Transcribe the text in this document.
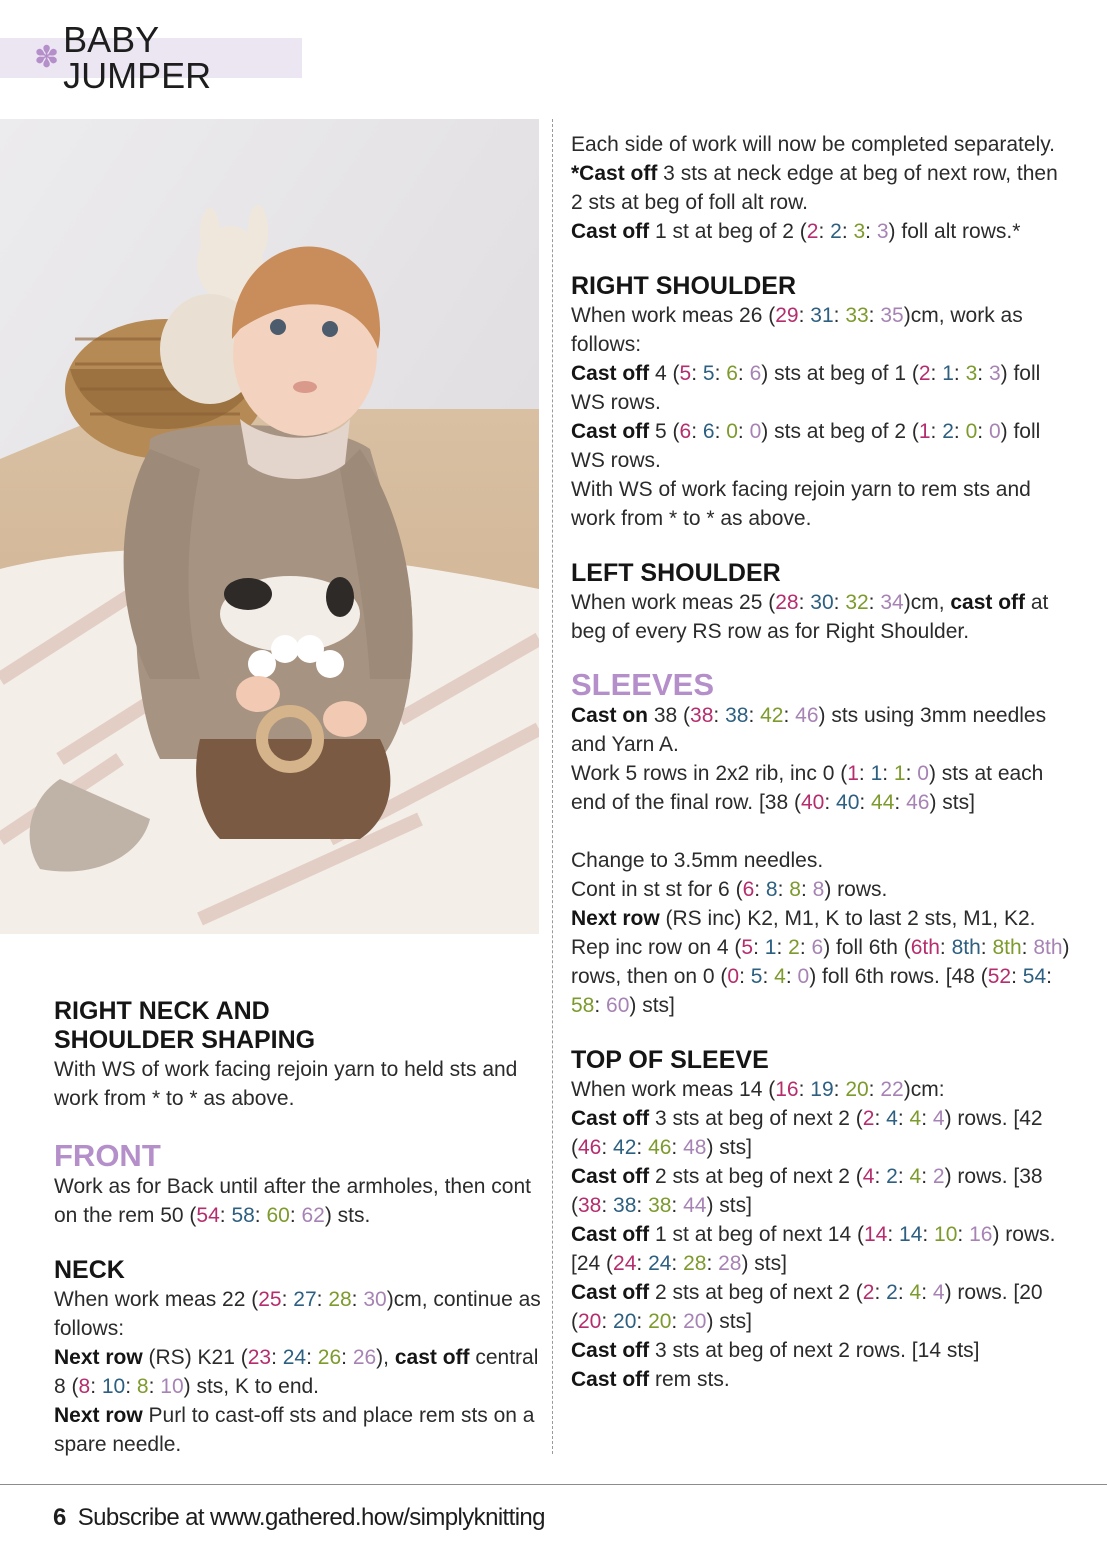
✽ BABY JUMPER

RIGHT NECK AND
SHOULDER SHAPING

With WS of work facing rejoin yarn to held sts and work from * to * as above.

FRONT

Work as for Back until after the armholes, then cont on the rem 50 (54: 58: 60: 62) sts.

NECK

When work meas 22 (25: 27: 28: 30)cm, continue as follows:

Next row (RS) K21 (23: 24: 26: 26), cast off central 8 (8: 10: 8: 10) sts, K to end.

Next row Purl to cast-off sts and place rem sts on a spare needle.

Each side of work will now be completed separately.

*Cast off 3 sts at neck edge at beg of next row, then 2 sts at beg of foll alt row.

Cast off 1 st at beg of 2 (2: 2: 3: 3) foll alt rows.*

RIGHT SHOULDER

When work meas 26 (29: 31: 33: 35)cm, work as follows:

Cast off 4 (5: 5: 6: 6) sts at beg of 1 (2: 1: 3: 3) foll WS rows.

Cast off 5 (6: 6: 0: 0) sts at beg of 2 (1: 2: 0: 0) foll WS rows.

With WS of work facing rejoin yarn to rem sts and work from * to * as above.

LEFT SHOULDER

When work meas 25 (28: 30: 32: 34)cm, cast off at beg of every RS row as for Right Shoulder.

SLEEVES

Cast on 38 (38: 38: 42: 46) sts using 3mm needles and Yarn A.

Work 5 rows in 2x2 rib, inc 0 (1: 1: 1: 0) sts at each end of the final row. [38 (40: 40: 44: 46) sts]

Change to 3.5mm needles.

Cont in st st for 6 (6: 8: 8: 8) rows.

Next row (RS inc) K2, M1, K to last 2 sts, M1, K2.

Rep inc row on 4 (5: 1: 2: 6) foll 6th (6th: 8th: 8th: 8th) rows, then on 0 (0: 5: 4: 0) foll 6th rows. [48 (52: 54: 58: 60) sts]

TOP OF SLEEVE

When work meas 14 (16: 19: 20: 22)cm:

Cast off 3 sts at beg of next 2 (2: 4: 4: 4) rows. [42 (46: 42: 46: 48) sts]

Cast off 2 sts at beg of next 2 (4: 2: 4: 2) rows. [38 (38: 38: 38: 44) sts]

Cast off 1 st at beg of next 14 (14: 14: 10: 16) rows. [24 (24: 24: 28: 28) sts]

Cast off 2 sts at beg of next 2 (2: 2: 4: 4) rows. [20 (20: 20: 20: 20) sts]

Cast off 3 sts at beg of next 2 rows. [14 sts]

Cast off rem sts.

6 Subscribe at www.gathered.how/simplyknitting
